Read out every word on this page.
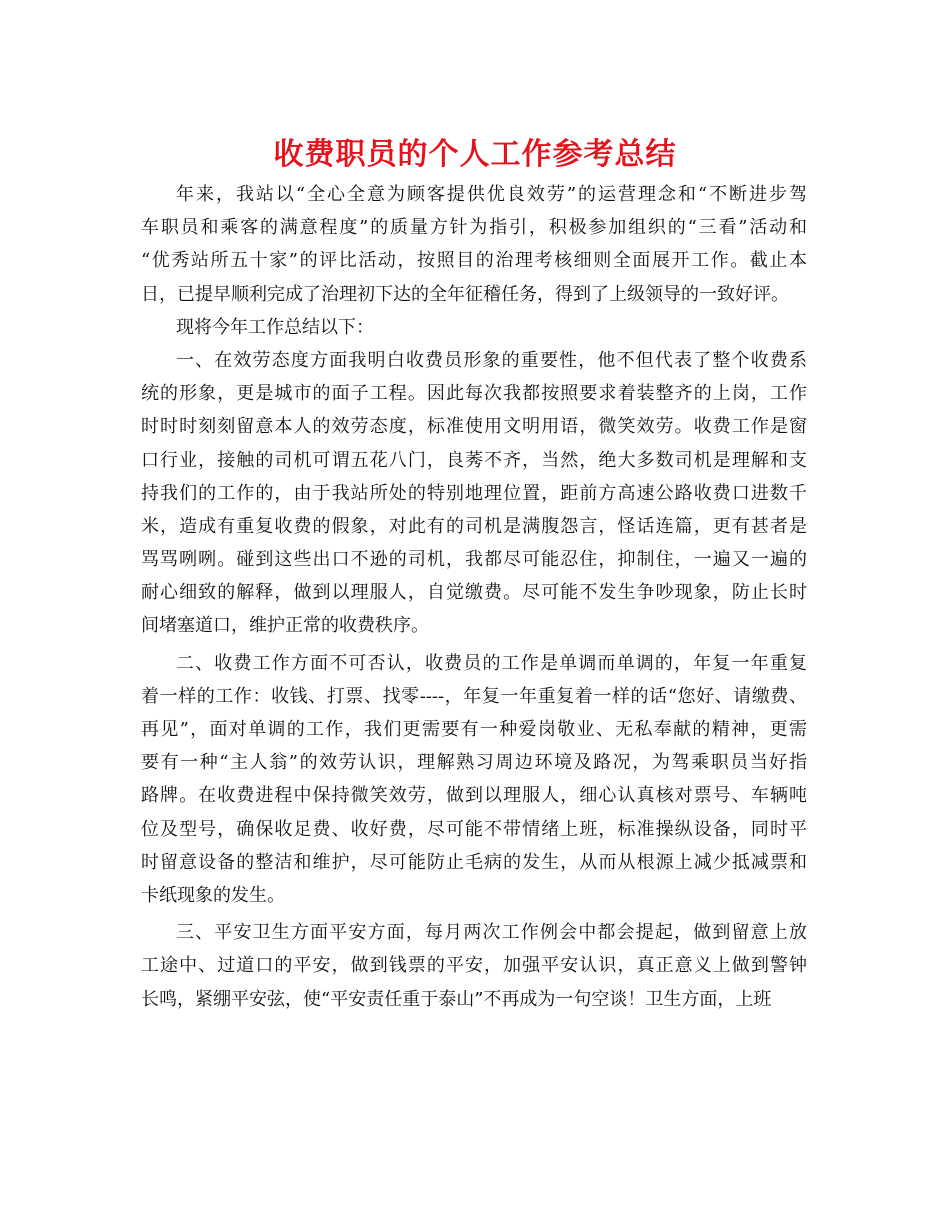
收费职员的个人工作参考总结
年来，我站以“全心全意为顾客提供优良效劳”的运营理念和“不断进步驾
车职员和乘客的满意程度”的质量方针为指引，积极参加组织的“三看”活动和
“优秀站所五十家”的评比活动，按照目的治理考核细则全面展开工作。截止本
日，已提早顺利完成了治理初下达的全年征稽任务，得到了上级领导的一致好评。
现将今年工作总结以下：
一、在效劳态度方面我明白收费员形象的重要性，他不但代表了整个收费系
统的形象，更是城市的面子工程。因此每次我都按照要求着装整齐的上岗，工作
时时时刻刻留意本人的效劳态度，标准使用文明用语，微笑效劳。收费工作是窗
口行业，接触的司机可谓五花八门，良莠不齐，当然，绝大多数司机是理解和支
持我们的工作的，由于我站所处的特别地理位置，距前方高速公路收费口进数千
米，造成有重复收费的假象，对此有的司机是满腹怨言，怪话连篇，更有甚者是
骂骂咧咧。碰到这些出口不逊的司机，我都尽可能忍住，抑制住，一遍又一遍的
耐心细致的解释，做到以理服人，自觉缴费。尽可能不发生争吵现象，防止长时
间堵塞道口，维护正常的收费秩序。
二、收费工作方面不可否认，收费员的工作是单调而单调的，年复一年重复
着一样的工作：收钱、打票、找零----，年复一年重复着一样的话“您好、请缴费、
再见”，面对单调的工作，我们更需要有一种爱岗敬业、无私奉献的精神，更需
要有一种“主人翁”的效劳认识，理解熟习周边环境及路况，为驾乘职员当好指
路牌。在收费进程中保持微笑效劳，做到以理服人，细心认真核对票号、车辆吨
位及型号，确保收足费、收好费，尽可能不带情绪上班，标准操纵设备，同时平
时留意设备的整洁和维护，尽可能防止毛病的发生，从而从根源上减少抵减票和
卡纸现象的发生。
三、平安卫生方面平安方面，每月两次工作例会中都会提起，做到留意上放
工途中、过道口的平安，做到钱票的平安，加强平安认识，真正意义上做到警钟
长鸣，紧绷平安弦，使“平安责任重于泰山”不再成为一句空谈！卫生方面，上班
